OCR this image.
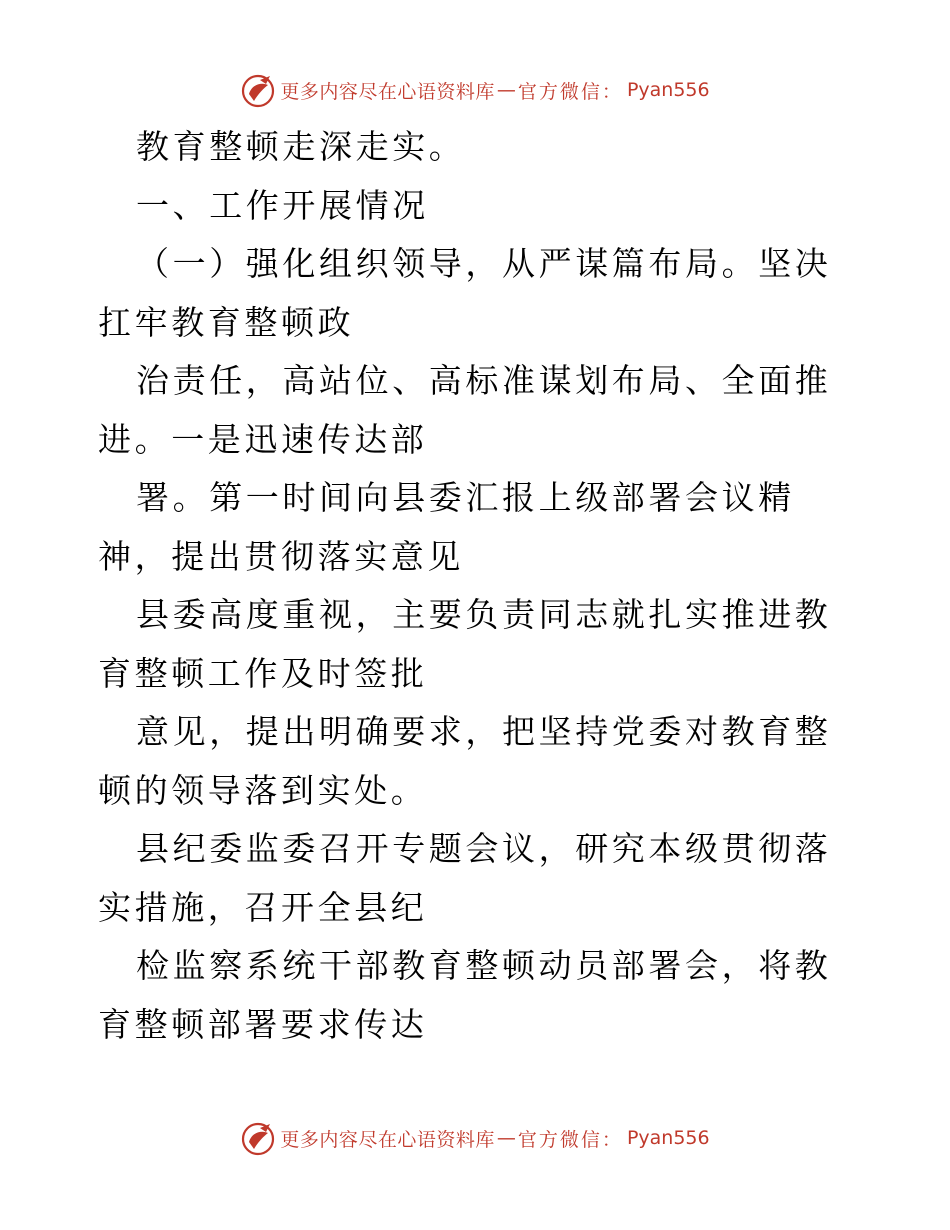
更多内容尽在心语资料库 — 官方微信： Pyan556

教育整顿走深走实。

一、工作开展情况

（一）强化组织领导，从严谋篇布局。坚决扛牢教育整顿政

治责任，高站位、高标准谋划布局、全面推进。一是迅速传达部

署。第一时间向县委汇报上级部署会议精神，提出贯彻落实意见

县委高度重视，主要负责同志就扎实推进教育整顿工作及时签批

意见，提出明确要求，把坚持党委对教育整顿的领导落到实处。

县纪委监委召开专题会议，研究本级贯彻落实措施，召开全县纪

检监察系统干部教育整顿动员部署会，将教育整顿部署要求传达

更多内容尽在心语资料库 — 官方微信： Pyan556
